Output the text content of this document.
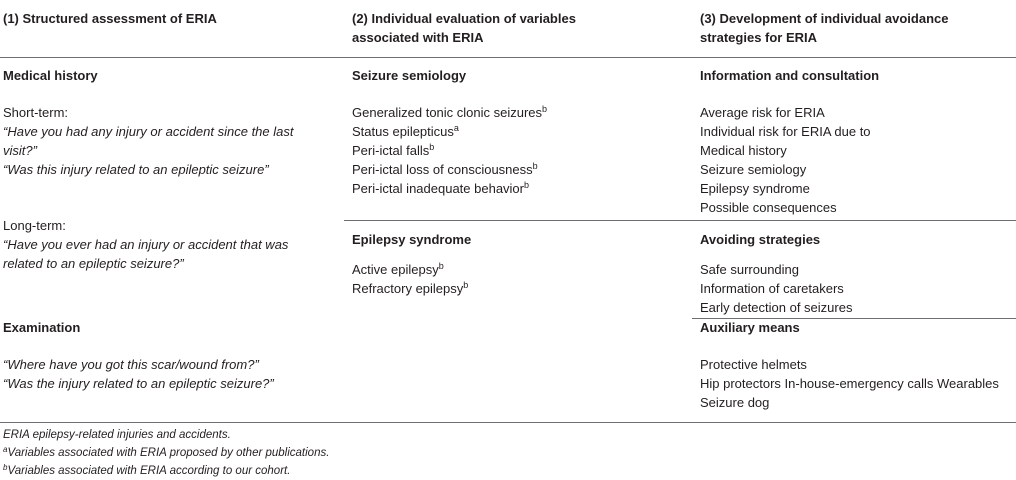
(1) Structured assessment of ERIA	(2) Individual evaluation of variables
associated with ERIA
(3) Development of individual avoidance
strategies for ERIA
Medical history
Short-term:
“Have you had any injury or accident since the last
visit?”
“Was this injury related to an epileptic seizure”
Long-term:
“Have you ever had an injury or accident that was
related to an epileptic seizure?”
Examination
“Where have you got this scar/wound from?”
“Was the injury related to an epileptic seizure?”
Seizure semiology
Generalized tonic clonic seizures$^b$
Status epilepticus$^a$
Peri-ictal falls$^b$
Peri-ictal loss of consciousness$^b$
Peri-ictal inadequate behavior$^b$
Epilepsy syndrome
Active epilepsy$^b$
Refractory epilepsy$^b$
Information and consultation
Average risk for ERIA
Individual risk for ERIA due to
Medical history
Seizure semiology
Epilepsy syndrome
Possible consequences
Avoiding strategies
Safe surrounding
Information of caretakers
Early detection of seizures
Auxiliary means
Protective helmets
Hip protectors In-house-emergency calls Wearables
Seizure dog
ERIA epilepsy-related injuries and accidents.
$^a$Variables associated with ERIA proposed by other publications.
$^b$Variables associated with ERIA according to our cohort.
